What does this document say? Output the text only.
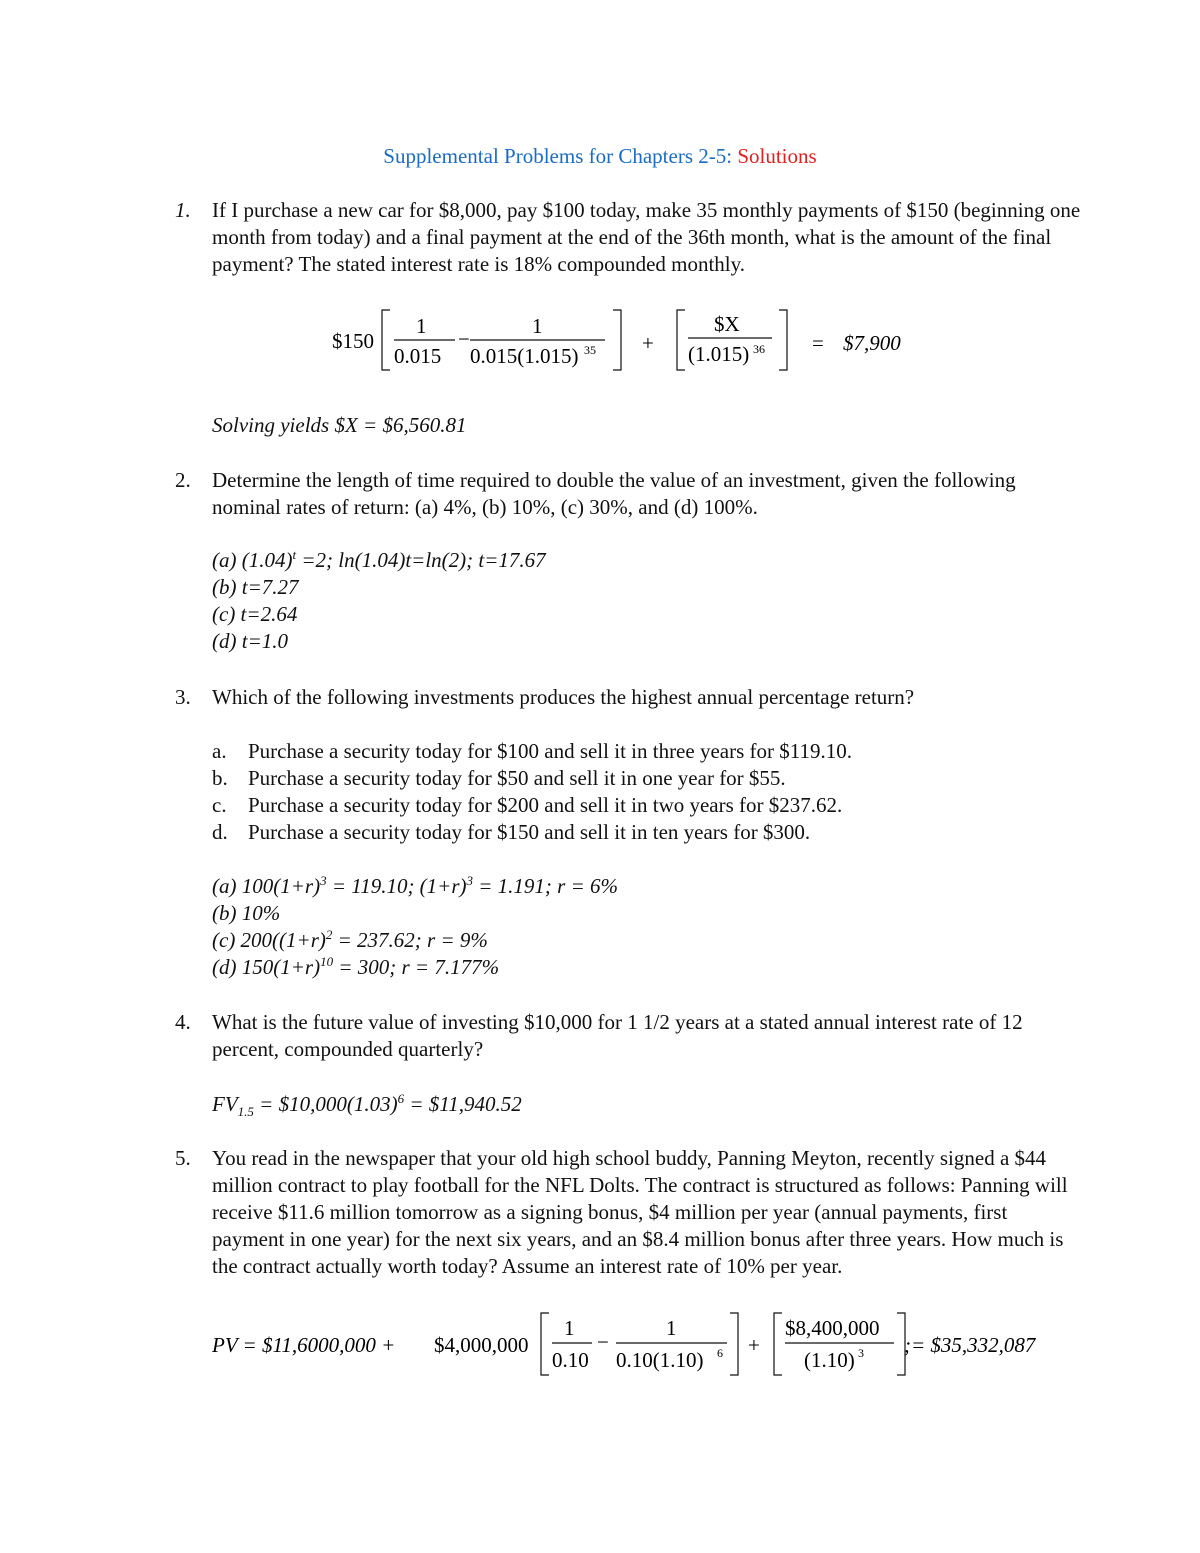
Supplemental Problems for Chapters 2-5: Solutions
1. If I purchase a new car for $8,000, pay $100 today, make 35 monthly payments of $150 (beginning one month from today) and a final payment at the end of the 36th month, what is the amount of the final payment? The stated interest rate is 18% compounded monthly.
$150
1
0.015
−
1
0.015(1.015) 35 +
$X
(1.015) 36 = $7,900
Solving yields $X = $6,560.81
2. Determine the length of time required to double the value of an investment, given the following nominal rates of return: (a) 4%, (b) 10%, (c) 30%, and (d) 100%.
(a) $(1.04)^t =2$; ln(1.04)t=ln(2); t=17.67
(b) t=7.27
(c) t=2.64
(d) t=1.0
3. Which of the following investments produces the highest annual percentage return?
a. Purchase a security today for $100 and sell it in three years for $119.10.
b. Purchase a security today for $50 and sell it in one year for $55.
c. Purchase a security today for $200 and sell it in two years for $237.62.
d. Purchase a security today for $150 and sell it in ten years for $300.
(a) $100(1+r)^3 = 119.10$; $(1+r)^3 = 1.191$; r = 6%
(b) 10%
(c) $200((1+r)^2 = 237.62$; r = 9%
(d) $150(1+r)^{10} = 300$; r = 7.177%
4. What is the future value of investing $10,000 for 1 1/2 years at a stated annual interest rate of 12 percent, compounded quarterly?
$FV_{1.5}$ = $\$10,000(1.03)^6$ = $11,940.52
5. You read in the newspaper that your old high school buddy, Panning Meyton, recently signed a $44 million contract to play football for the NFL Dolts. The contract is structured as follows: Panning will receive $11.6 million tomorrow as a signing bonus, $4 million per year (annual payments, first payment in one year) for the next six years, and an $8.4 million bonus after three years. How much is the contract actually worth today? Assume an interest rate of 10% per year.
PV = $11,6000,000 + $4,000,000
1
0.10
−
1
0.10(1.10) 6 +
$8,400,000
(1.10) 3 ;= $35,332,087
